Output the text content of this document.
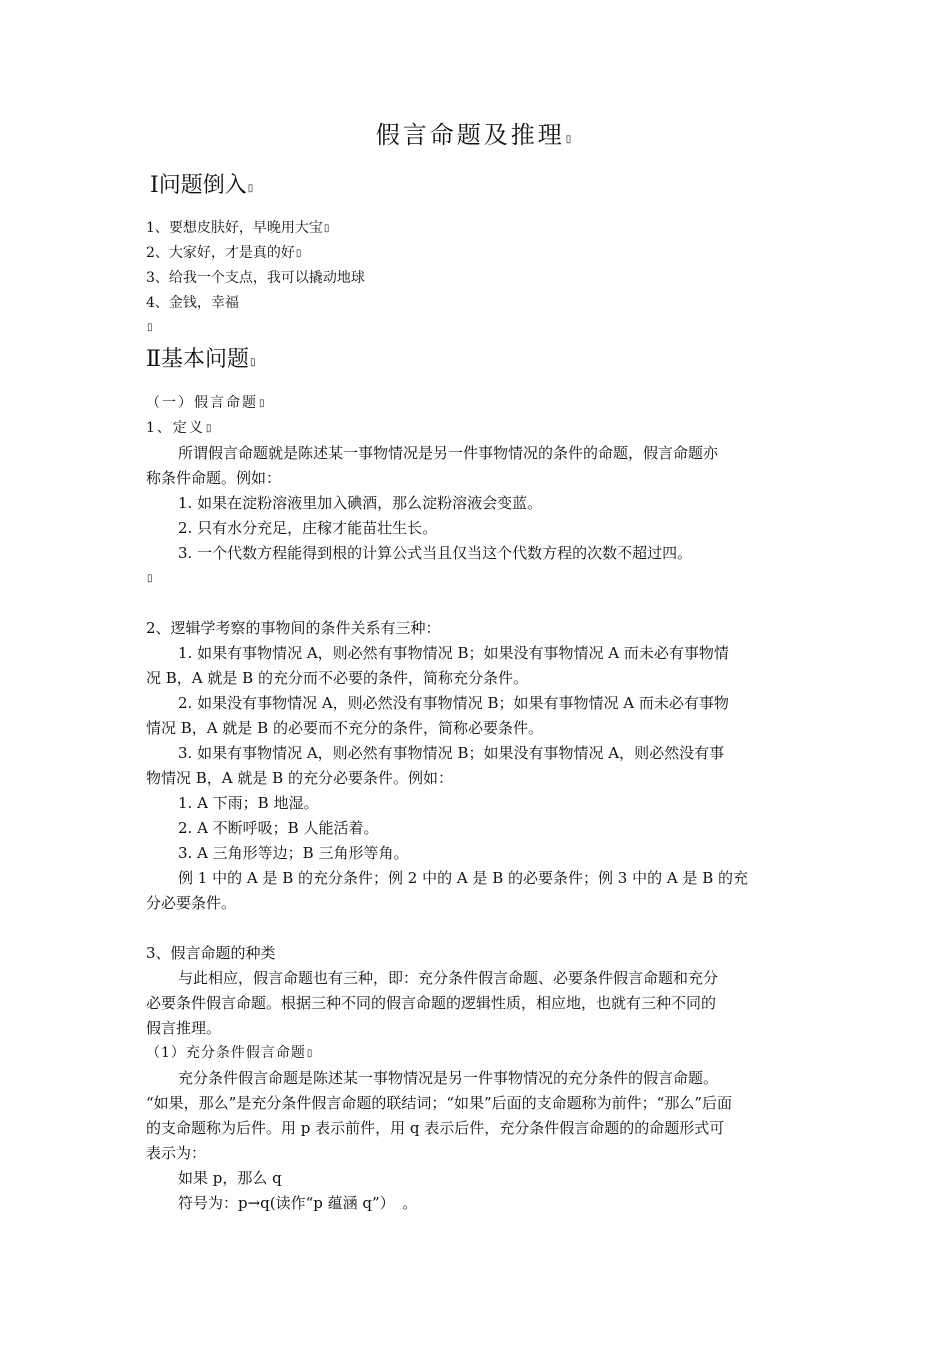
假言命题及推理▯
Ⅰ问题倒入▯
1、要想皮肤好，早晚用大宝▯
2、大家好，才是真的好▯
3、给我一个支点，我可以撬动地球
4、金钱，幸福
▯
Ⅱ基本问题▯
（一）假言命题▯
1、定义▯
所谓假言命题就是陈述某一事物情况是另一件事物情况的条件的命题，假言命题亦
称条件命题。例如：
1. 如果在淀粉溶液里加入碘酒，那么淀粉溶液会变蓝。
2. 只有水分充足，庄稼才能苗壮生长。
3. 一个代数方程能得到根的计算公式当且仅当这个代数方程的次数不超过四。
▯
2、逻辑学考察的事物间的条件关系有三种：
1. 如果有事物情况 A，则必然有事物情况 B；如果没有事物情况 A 而未必有事物情
况 B，A 就是 B 的充分而不必要的条件，简称充分条件。
2. 如果没有事物情况 A，则必然没有事物情况 B；如果有事物情况 A 而未必有事物
情况 B，A 就是 B 的必要而不充分的条件，简称必要条件。
3. 如果有事物情况 A，则必然有事物情况 B；如果没有事物情况 A，则必然没有事
物情况 B，A 就是 B 的充分必要条件。例如：
1. A 下雨；B 地湿。
2. A 不断呼吸；B 人能活着。
3. A 三角形等边；B 三角形等角。
例 1 中的 A 是 B 的充分条件；例 2 中的 A 是 B 的必要条件；例 3 中的 A 是 B 的充
分必要条件。
3、假言命题的种类
与此相应，假言命题也有三种，即：充分条件假言命题、必要条件假言命题和充分
必要条件假言命题。根据三种不同的假言命题的逻辑性质，相应地，也就有三种不同的
假言推理。
（1）充分条件假言命题▯
充分条件假言命题是陈述某一事物情况是另一件事物情况的充分条件的假言命题。
“如果，那么”是充分条件假言命题的联结词；“如果”后面的支命题称为前件；“那么”后面
的支命题称为后件。用 p 表示前件，用 q 表示后件，充分条件假言命题的的命题形式可
表示为：
如果 p，那么 q
符号为：p→q(读作“p 蕴涵 q”）　。
